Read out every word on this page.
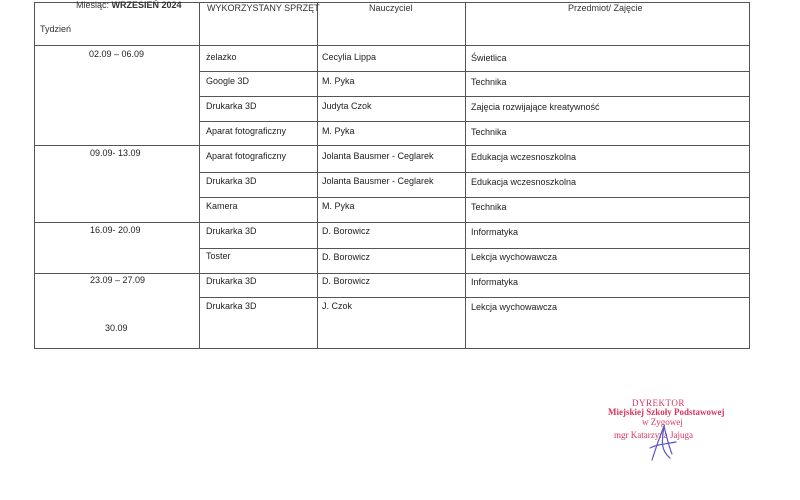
Miesiąc: WRZESIEŃ 2024
Tydzień
WYKORZYSTANY SPRZĘT	Nauczyciel	Przedmiot/ Zajęcie
02.09 – 06.09	żelazko	Cecylia Lippa	Świetlica
Google 3D	M. Pyka	Technika
Drukarka 3D	Judyta Czok	Zajęcia rozwijające kreatywność
Aparat fotograficzny	M. Pyka	Technika
09.09- 13.09	Aparat fotograficzny	Jolanta Bausmer - Ceglarek	Edukacja wczesnoszkolna
Drukarka 3D	Jolanta Bausmer - Ceglarek	Edukacja wczesnoszkolna
Kamera	M. Pyka	Technika
16.09- 20.09	Drukarka 3D	D. Borowicz	Informatyka
Toster	D. Borowicz	Lekcja wychowawcza
23.09 – 27.09	Drukarka 3D	D. Borowicz	Informatyka
Drukarka 3D	J. Czok	Lekcja wychowawcza
30.09
DYREKTOR
Miejskiej Szkoły Podstawowej
w Zygowej
mgr Katarzyna Jajuga
